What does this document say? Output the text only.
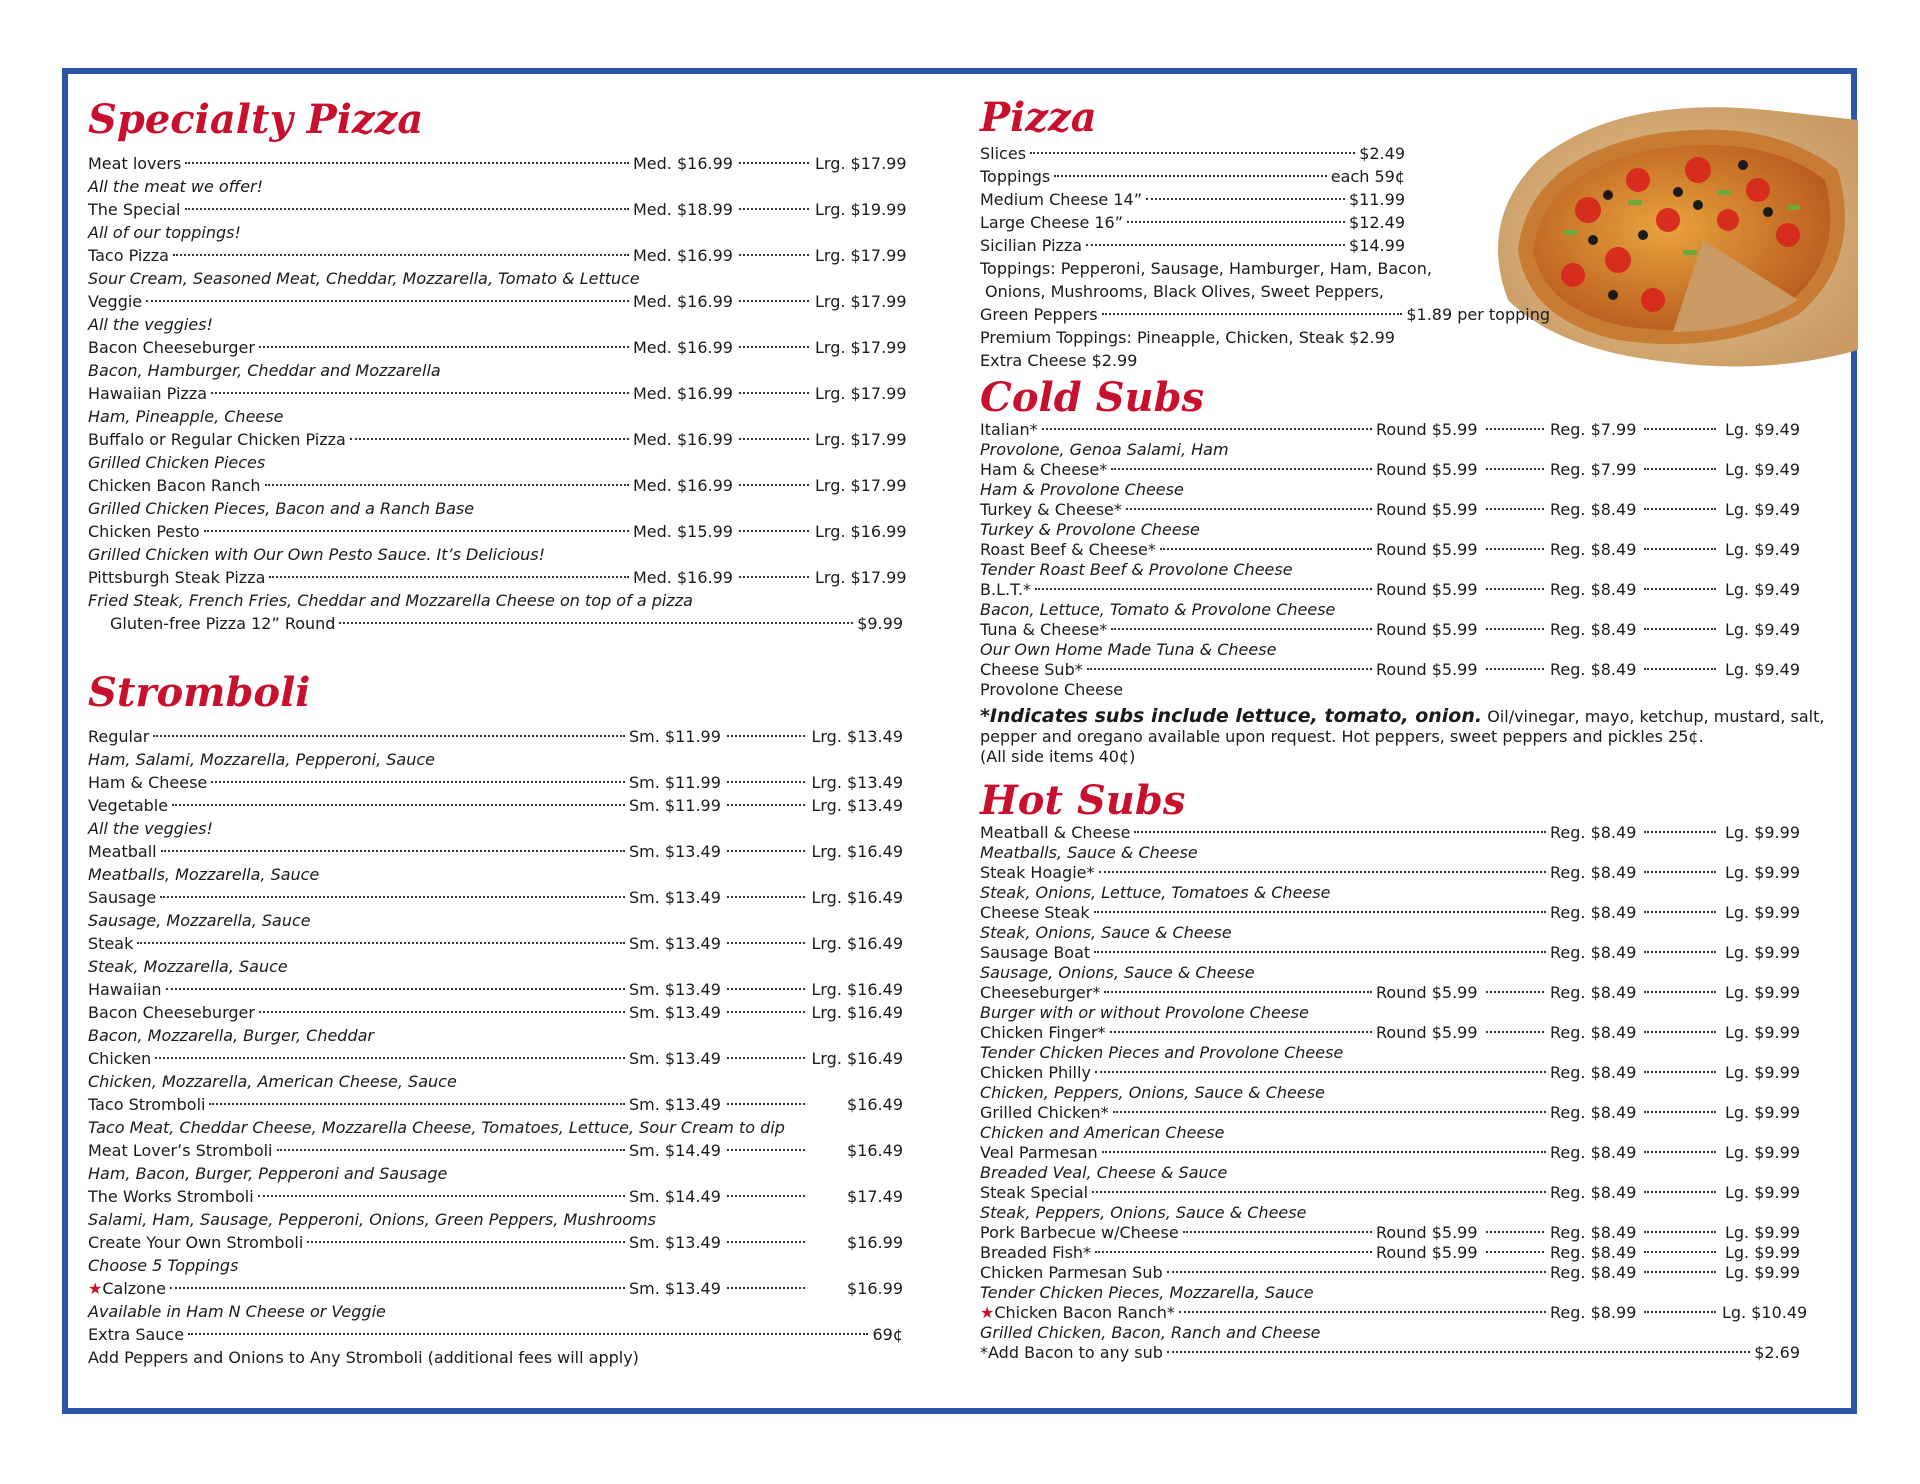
Specialty Pizza
Meat lovers	Med. $16.99	Lrg. $17.99
All the meat we offer!
The Special	Med. $18.99	Lrg. $19.99
All of our toppings!
Taco Pizza	Med. $16.99	Lrg. $17.99
Sour Cream, Seasoned Meat, Cheddar, Mozzarella, Tomato & Lettuce
Veggie	Med. $16.99	Lrg. $17.99
All the veggies!
Bacon Cheeseburger	Med. $16.99	Lrg. $17.99
Bacon, Hamburger, Cheddar and Mozzarella
Hawaiian Pizza	Med. $16.99	Lrg. $17.99
Ham, Pineapple, Cheese
Buffalo or Regular Chicken Pizza	Med. $16.99	Lrg. $17.99
Grilled Chicken Pieces
Chicken Bacon Ranch	Med. $16.99	Lrg. $17.99
Grilled Chicken Pieces, Bacon and a Ranch Base
Chicken Pesto	Med. $15.99	Lrg. $16.99
Grilled Chicken with Our Own Pesto Sauce. It’s Delicious!
Pittsburgh Steak Pizza	Med. $16.99	Lrg. $17.99
Fried Steak, French Fries, Cheddar and Mozzarella Cheese on top of a pizza
Gluten-free Pizza 12” Round	$9.99
Stromboli
Regular	Sm. $11.99	Lrg. $13.49
Ham, Salami, Mozzarella, Pepperoni, Sauce
Ham & Cheese	Sm. $11.99	Lrg. $13.49
Vegetable	Sm. $11.99	Lrg. $13.49
All the veggies!
Meatball	Sm. $13.49	Lrg. $16.49
Meatballs, Mozzarella, Sauce
Sausage	Sm. $13.49	Lrg. $16.49
Sausage, Mozzarella, Sauce
Steak	Sm. $13.49	Lrg. $16.49
Steak, Mozzarella, Sauce
Hawaiian	Sm. $13.49	Lrg. $16.49
Bacon Cheeseburger	Sm. $13.49	Lrg. $16.49
Bacon, Mozzarella, Burger, Cheddar
Chicken	Sm. $13.49	Lrg. $16.49
Chicken, Mozzarella, American Cheese, Sauce
Taco Stromboli	Sm. $13.49	$16.49
Taco Meat, Cheddar Cheese, Mozzarella Cheese, Tomatoes, Lettuce, Sour Cream to dip
Meat Lover’s Stromboli	Sm. $14.49	$16.49
Ham, Bacon, Burger, Pepperoni and Sausage
The Works Stromboli	Sm. $14.49	$17.49
Salami, Ham, Sausage, Pepperoni, Onions, Green Peppers, Mushrooms
Create Your Own Stromboli	Sm. $13.49	$16.99
Choose 5 Toppings
★ Calzone	Sm. $13.49	$16.99
Available in Ham N Cheese or Veggie
Extra Sauce	69¢
Add Peppers and Onions to Any Stromboli (additional fees will apply)
Pizza
Slices	$2.49
Toppings	each 59¢
Medium Cheese 14”	$11.99
Large Cheese 16”	$12.49
Sicilian Pizza	$14.99
Toppings: Pepperoni, Sausage, Hamburger, Ham, Bacon,
Onions, Mushrooms, Black Olives, Sweet Peppers,
Green Peppers	$1.89 per topping
Premium Toppings: Pineapple, Chicken, Steak $2.99
Extra Cheese $2.99
Cold Subs
Italian*	Round $5.99	Reg. $7.99	Lg. $9.49
Provolone, Genoa Salami, Ham
Ham & Cheese*	Round $5.99	Reg. $7.99	Lg. $9.49
Ham & Provolone Cheese
Turkey & Cheese*	Round $5.99	Reg. $8.49	Lg. $9.49
Turkey & Provolone Cheese
Roast Beef & Cheese*	Round $5.99	Reg. $8.49	Lg. $9.49
Tender Roast Beef & Provolone Cheese
B.L.T.*	Round $5.99	Reg. $8.49	Lg. $9.49
Bacon, Lettuce, Tomato & Provolone Cheese
Tuna & Cheese*	Round $5.99	Reg. $8.49	Lg. $9.49
Our Own Home Made Tuna & Cheese
Cheese Sub*	Round $5.99	Reg. $8.49	Lg. $9.49
Provolone Cheese
*Indicates subs include lettuce, tomato, onion. Oil/vinegar, mayo, ketchup, mustard, salt,
pepper and oregano available upon request. Hot peppers, sweet peppers and pickles 25¢.
(All side items 40¢)
Hot Subs
Meatball & Cheese	Reg. $8.49	Lg. $9.99
Meatballs, Sauce & Cheese
Steak Hoagie*	Reg. $8.49	Lg. $9.99
Steak, Onions, Lettuce, Tomatoes & Cheese
Cheese Steak	Reg. $8.49	Lg. $9.99
Steak, Onions, Sauce & Cheese
Sausage Boat	Reg. $8.49	Lg. $9.99
Sausage, Onions, Sauce & Cheese
Cheeseburger*	Round $5.99	Reg. $8.49	Lg. $9.99
Burger with or without Provolone Cheese
Chicken Finger*	Round $5.99	Reg. $8.49	Lg. $9.99
Tender Chicken Pieces and Provolone Cheese
Chicken Philly	Reg. $8.49	Lg. $9.99
Chicken, Peppers, Onions, Sauce & Cheese
Grilled Chicken*	Reg. $8.49	Lg. $9.99
Chicken and American Cheese
Veal Parmesan	Reg. $8.49	Lg. $9.99
Breaded Veal, Cheese & Sauce
Steak Special	Reg. $8.49	Lg. $9.99
Steak, Peppers, Onions, Sauce & Cheese
Pork Barbecue w/Cheese	Round $5.99	Reg. $8.49	Lg. $9.99
Breaded Fish*	Round $5.99	Reg. $8.49	Lg. $9.99
Chicken Parmesan Sub	Reg. $8.49	Lg. $9.99
Tender Chicken Pieces, Mozzarella, Sauce
★ Chicken Bacon Ranch*	Reg. $8.99	Lg. $10.49
Grilled Chicken, Bacon, Ranch and Cheese
*Add Bacon to any sub	$2.69
